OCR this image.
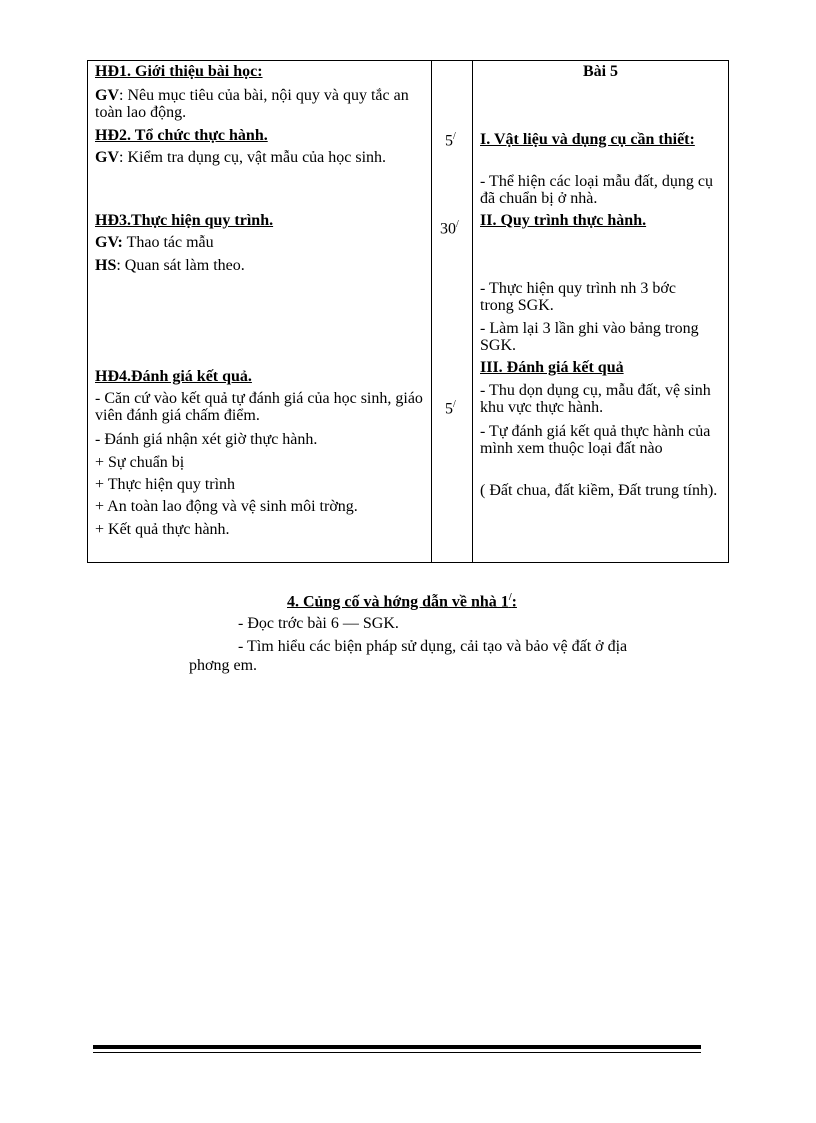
HĐ1. Giới thiệu bài học:
GV: Nêu mục tiêu của bài, nội quy và quy tắc an toàn lao động.
HĐ2. Tổ chức thực hành.
GV: Kiểm tra dụng cụ, vật mẫu của học sinh.
HĐ3.Thực hiện quy trình.
GV: Thao tác mẫu
HS: Quan sát làm theo.
HĐ4.Đánh giá kết quả.
- Căn cứ vào kết quả tự đánh giá của học sinh, giáo viên đánh giá chấm điểm.
- Đánh giá nhận xét giờ thực hành.
+ Sự chuẩn bị
+ Thực hiện quy trình
+ An toàn lao động và vệ sinh môi trờng.
+ Kết quả thực hành.
5/
30/
5/
Bài 5
I. Vật liệu và dụng cụ cần thiết:
- Thể hiện các loại mẫu đất, dụng cụ đã chuẩn bị ở nhà.
II. Quy trình thực hành.
- Thực hiện quy trình nh 3 bớc trong SGK.
- Làm lại 3 lần ghi vào bảng trong SGK.
III. Đánh giá kết quả
- Thu dọn dụng cụ, mẫu đất, vệ sinh khu vực thực hành.
- Tự đánh giá kết quả thực hành của mình xem thuộc loại đất nào
( Đất chua, đất kiềm, Đất trung tính).
4. Củng cố và hớng dẫn về nhà 1/:
- Đọc trớc bài 6 — SGK.
- Tìm hiểu các biện pháp sử dụng, cải tạo và bảo vệ đất ở địa
phơng em.
